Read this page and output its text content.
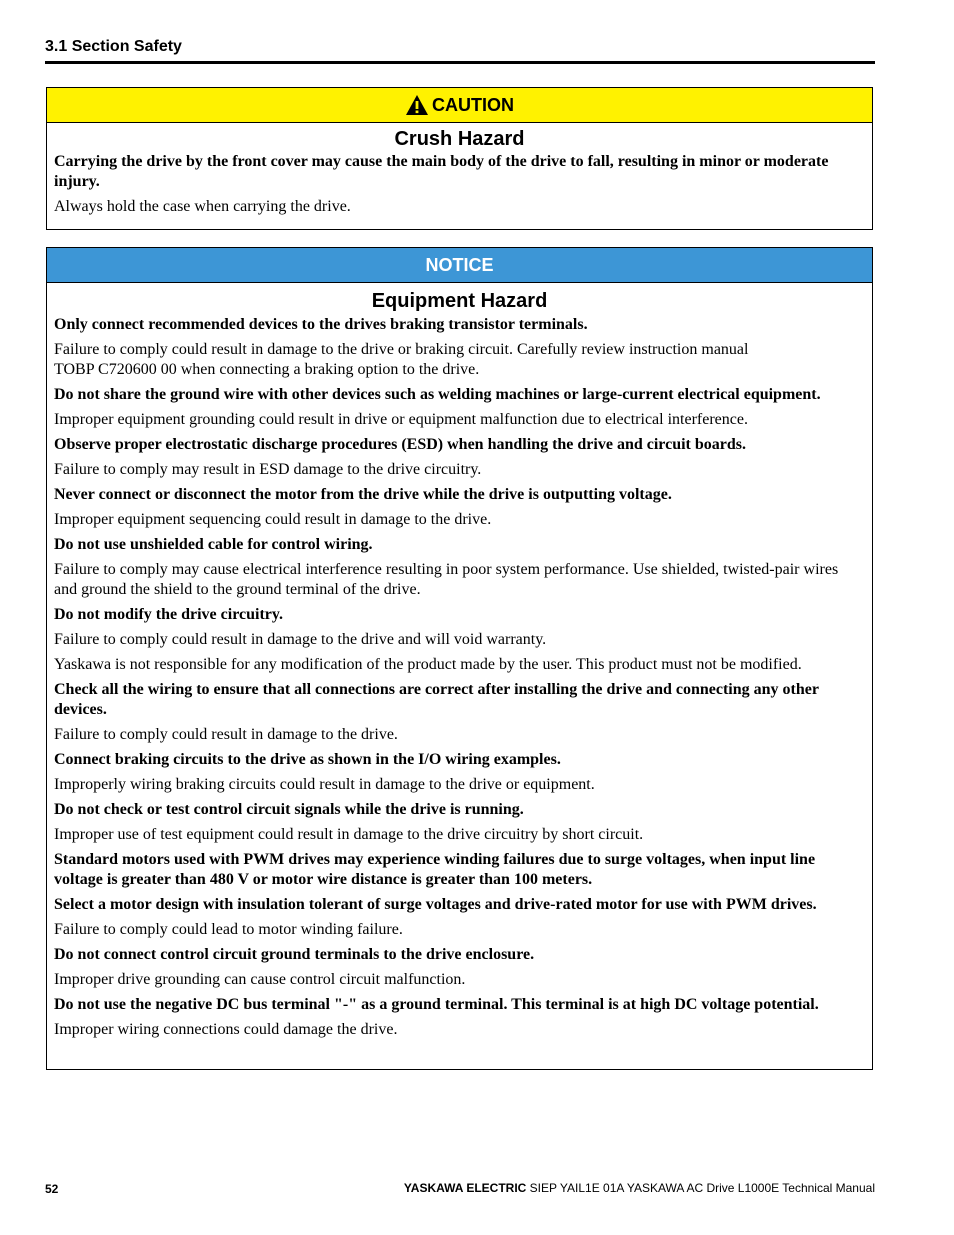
3.1 Section Safety
CAUTION
Crush Hazard

Carrying the drive by the front cover may cause the main body of the drive to fall, resulting in minor or moderate injury.

Always hold the case when carrying the drive.

NOTICE
Equipment Hazard

Only connect recommended devices to the drives braking transistor terminals.

Failure to comply could result in damage to the drive or braking circuit. Carefully review instruction manual
TOBP C720600 00 when connecting a braking option to the drive.

Do not share the ground wire with other devices such as welding machines or large-current electrical equipment.

Improper equipment grounding could result in drive or equipment malfunction due to electrical interference.

Observe proper electrostatic discharge procedures (ESD) when handling the drive and circuit boards.

Failure to comply may result in ESD damage to the drive circuitry.

Never connect or disconnect the motor from the drive while the drive is outputting voltage.

Improper equipment sequencing could result in damage to the drive.

Do not use unshielded cable for control wiring.

Failure to comply may cause electrical interference resulting in poor system performance. Use shielded, twisted-pair wires and ground the shield to the ground terminal of the drive.

Do not modify the drive circuitry.

Failure to comply could result in damage to the drive and will void warranty.

Yaskawa is not responsible for any modification of the product made by the user. This product must not be modified.

Check all the wiring to ensure that all connections are correct after installing the drive and connecting any other devices.

Failure to comply could result in damage to the drive.

Connect braking circuits to the drive as shown in the I/O wiring examples.

Improperly wiring braking circuits could result in damage to the drive or equipment.

Do not check or test control circuit signals while the drive is running.

Improper use of test equipment could result in damage to the drive circuitry by short circuit.

Standard motors used with PWM drives may experience winding failures due to surge voltages, when input line voltage is greater than 480 V or motor wire distance is greater than 100 meters.

Select a motor design with insulation tolerant of surge voltages and drive-rated motor for use with PWM drives.

Failure to comply could lead to motor winding failure.

Do not connect control circuit ground terminals to the drive enclosure.

Improper drive grounding can cause control circuit malfunction.

Do not use the negative DC bus terminal "-" as a ground terminal. This terminal is at high DC voltage potential.

Improper wiring connections could damage the drive.

52	YASKAWA ELECTRIC SIEP YAIL1E 01A YASKAWA AC Drive L1000E Technical Manual
